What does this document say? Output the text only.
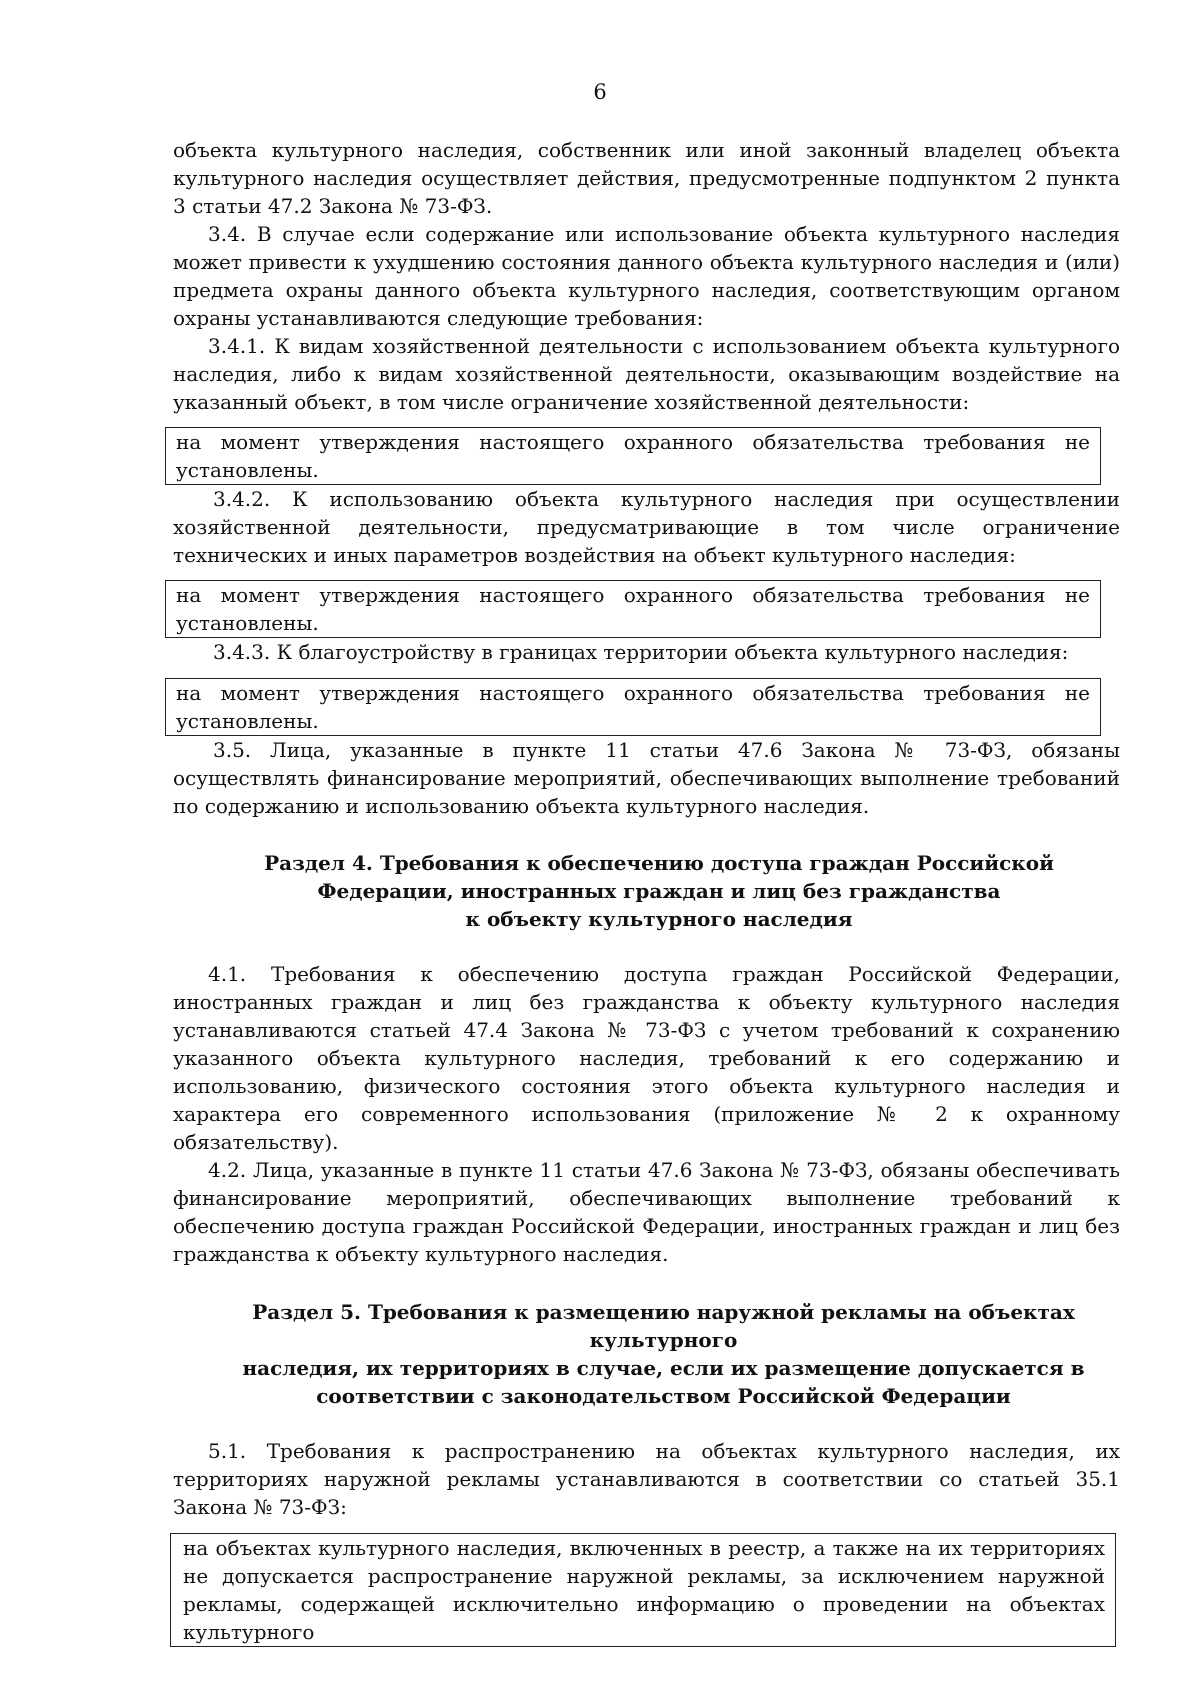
6

объекта культурного наследия, собственник или иной законный владелец объекта культурного наследия осуществляет действия, предусмотренные подпунктом 2 пункта 3 статьи 47.2 Закона № 73-ФЗ.

3.4. В случае если содержание или использование объекта культурного наследия может привести к ухудшению состояния данного объекта культурного наследия и (или) предмета охраны данного объекта культурного наследия, соответствующим органом охраны устанавливаются следующие требования:

3.4.1. К видам хозяйственной деятельности с использованием объекта культурного наследия, либо к видам хозяйственной деятельности, оказывающим воздействие на указанный объект, в том числе ограничение хозяйственной деятельности:

на момент утверждения настоящего охранного обязательства требования не установлены.

3.4.2. К использованию объекта культурного наследия при осуществлении хозяйственной деятельности, предусматривающие в том числе ограничение технических и иных параметров воздействия на объект культурного наследия:

на момент утверждения настоящего охранного обязательства требования не установлены.

3.4.3. К благоустройству в границах территории объекта культурного наследия:

на момент утверждения настоящего охранного обязательства требования не установлены.

3.5. Лица, указанные в пункте 11 статьи 47.6 Закона № 73-ФЗ, обязаны осуществлять финансирование мероприятий, обеспечивающих выполнение требований по содержанию и использованию объекта культурного наследия.

Раздел 4. Требования к обеспечению доступа граждан Российской
Федерации, иностранных граждан и лиц без гражданства
к объекту культурного наследия

4.1. Требования к обеспечению доступа граждан Российской Федерации, иностранных граждан и лиц без гражданства к объекту культурного наследия устанавливаются статьей 47.4 Закона № 73-ФЗ с учетом требований к сохранению указанного объекта культурного наследия, требований к его содержанию и использованию, физического состояния этого объекта культурного наследия и характера его современного использования (приложение № 2 к охранному обязательству).

4.2. Лица, указанные в пункте 11 статьи 47.6 Закона № 73-ФЗ, обязаны обеспечивать финансирование мероприятий, обеспечивающих выполнение требований к обеспечению доступа граждан Российской Федерации, иностранных граждан и лиц без гражданства к объекту культурного наследия.

Раздел 5. Требования к размещению наружной рекламы на объектах культурного
наследия, их территориях в случае, если их размещение допускается в
соответствии с законодательством Российской Федерации

5.1. Требования к распространению на объектах культурного наследия, их территориях наружной рекламы устанавливаются в соответствии со статьей 35.1 Закона № 73-ФЗ:

на объектах культурного наследия, включенных в реестр, а также на их территориях не допускается распространение наружной рекламы, за исключением наружной рекламы, содержащей исключительно информацию о проведении на объектах культурного
